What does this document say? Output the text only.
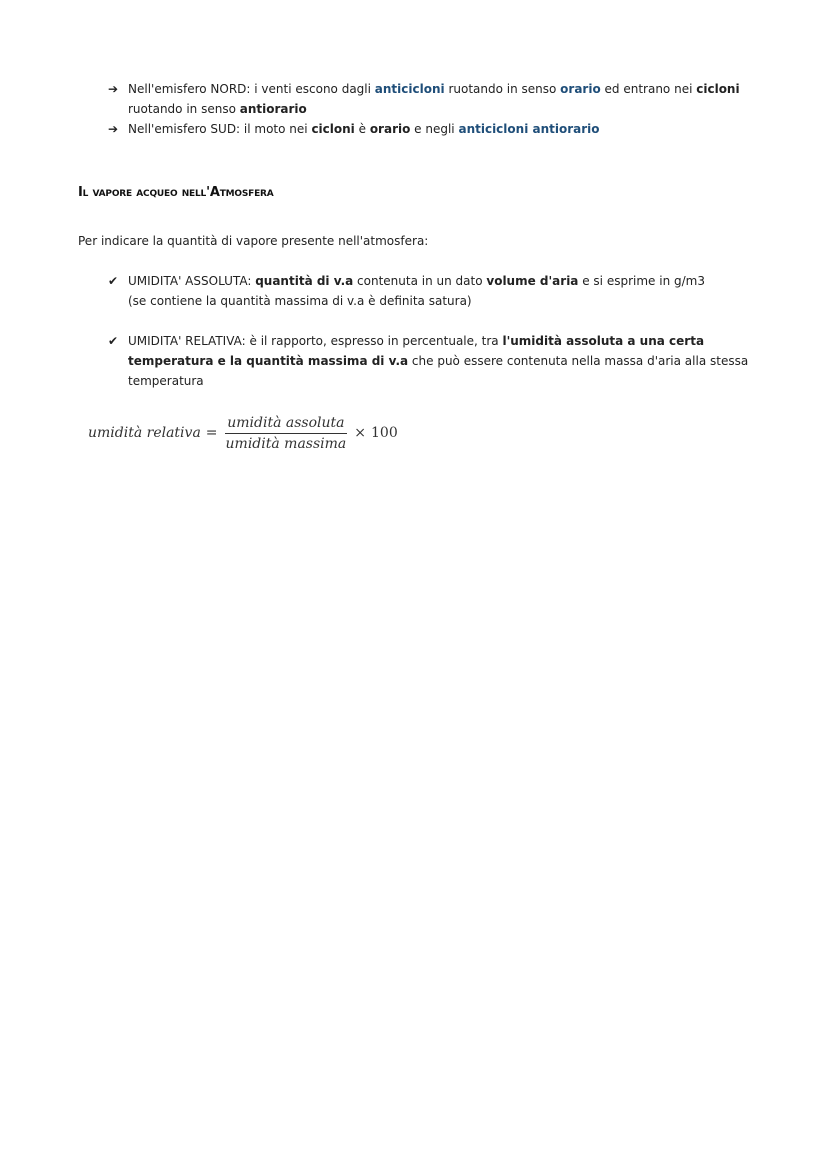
➔ Nell'emisfero NORD: i venti escono dagli anticicloni ruotando in senso orario ed entrano nei cicloni ruotando in senso antiorario
➔ Nell'emisfero SUD: il moto nei cicloni è orario e negli anticicloni antiorario
Il vapore acqueo nell'Atmosfera

Per indicare la quantità di vapore presente nell'atmosfera:

✔ UMIDITA' ASSOLUTA: quantità di v.a contenuta in un dato volume d'aria e si esprime in g/m3
(se contiene la quantità massima di v.a è definita satura)
✔ UMIDITA' RELATIVA: è il rapporto, espresso in percentuale, tra l'umidità assoluta a una certa temperatura e la quantità massima di v.a che può essere contenuta nella massa d'aria alla stessa temperatura
umidità relativa = $\frac{\text{umidità assoluta}}{\text{umidità massima}} \times 100$
